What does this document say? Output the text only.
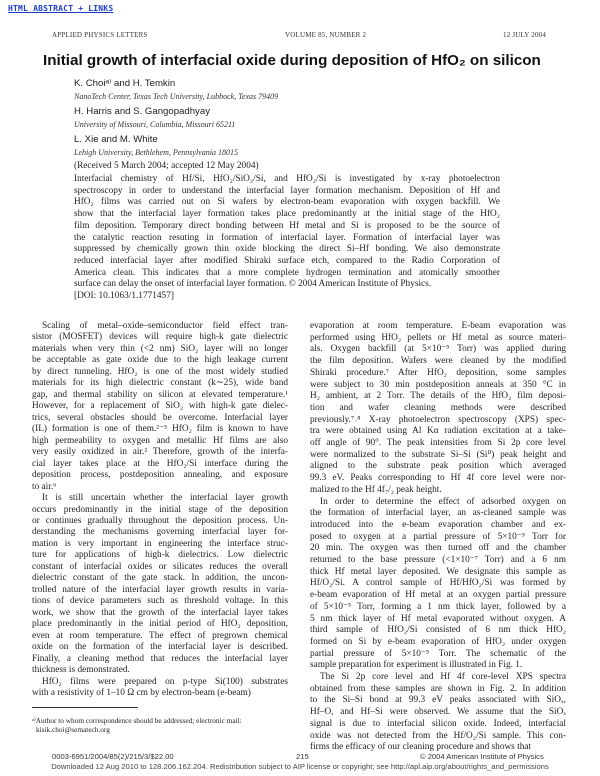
HTML ABSTRACT + LINKS
APPLIED PHYSICS LETTERS	VOLUME 85, NUMBER 2	12 JULY 2004
Initial growth of interfacial oxide during deposition of HfO₂ on silicon
K. Choiᵃ⁾ and H. Temkin
NanoTech Center, Texas Tech University, Lubbock, Texas 79409
H. Harris and S. Gangopadhyay
University of Missouri, Columbia, Missouri 65211
L. Xie and M. White
Lehigh University, Bethlehem, Pennsylvania 18015
(Received 5 March 2004; accepted 12 May 2004)
Interfacial chemistry of Hf/Si, HfO₂/SiO₂/Si, and HfO₂/Si is investigated by x-ray photoelectron
spectroscopy in order to understand the interfacial layer formation mechanism. Deposition of Hf and
HfO₂ films was carried out on Si wafers by electron-beam evaporation with oxygen backfill. We
show that the interfacial layer formation takes place predominantly at the initial stage of the HfO₂
film deposition. Temporary direct bonding between Hf metal and Si is proposed to be the source of
the catalytic reaction resuting in formation of interfacial layer. Formation of interfacial layer was
suppressed by chemically grown thin oxide blocking the direct Si–Hf bonding. We also demonstrate
reduced interfacial layer after modified Shiraki surface etch, compared to the Radio Corporation of
America clean. This indicates that a more complete hydrogen termination and atomically smoother
surface can delay the onset of interfacial layer formation. © 2004 American Institute of Physics.
[DOI: 10.1063/1.1771457]
Scaling of metal–oxide–semiconductor field effect tran-
sistor (MOSFET) devices will require high-k gate dielectric
materials when very thin (<2 nm) SiO₂ layer will no longer
be acceptable as gate oxide due to the high leakage current
by direct tunneling. HfO₂ is one of the most widely studied
materials for its high dielectric constant (k∼25), wide band
gap, and thermal stability on silicon at elevated temperature.¹
However, for a replacement of SiO₂ with high-k gate dielec-
trics, several obstacles should be overcome. Interfacial layer
(IL) formation is one of them.²⁻⁵ HfO₂ film is known to have
high permeability to oxygen and metallic Hf films are also
very easily oxidized in air.² Therefore, growth of the interfa-
cial layer takes place at the HfO₂/Si interface during the
deposition process, postdeposition annealing, and exposure
to air.⁶
It is still uncertain whether the interfacial layer growth
occurs predominantly in the initial stage of the deposition
or continues gradually throughout the deposition process. Un-
derstanding the mechanisms governing interfacial layer for-
mation is very important in engineering the interface struc-
ture for applications of high-k dielectrics. Low dielectric
constant of interfacial oxides or silicates reduces the overall
dielectric constant of the gate stack. In addition, the uncon-
trolled nature of the interfacial layer growth results in varia-
tions of device parameters such as threshold voltage. In this
work, we show that the growth of the interfacial layer takes
place predominantly in the initial period of HfO₂ deposition,
even at room temperature. The effect of pregrown chemical
oxide on the formation of the interfacial layer is described.
Finally, a cleaning method that reduces the interfacial layer
thickness is demonstrated.
HfO₂ films were prepared on p-type Si(100) substrates
with a resistivity of 1–10 Ω cm by electron-beam (e-beam)
evaporation at room temperature. E-beam evaporation was
performed using HfO₂ pellets or Hf metal as source materi-
als. Oxygen backfill (at 5×10⁻⁵ Torr) was applied during
the film deposition. Wafers were cleaned by the modified
Shiraki procedure.⁷ After HfO₂ deposition, some samples
were subject to 30 min postdeposition anneals at 350 °C in
H₂ ambient, at 2 Torr. The details of the HfO₂ film deposi-
tion and wafer cleaning methods were described
previously.⁷˒⁸ X-ray photoelectron spectroscopy (XPS) spec-
tra were obtained using Al Kα radiation excitation at a take-
off angle of 90°. The peak intensities from Si 2p core level
were normalized to the substrate Si–Si (Si⁰) peak height and
aligned to the substrate peak position which averaged
99.3 eV. Peaks corresponding to Hf 4f core level were nor-
malized to the Hf 4f₇/₂ peak height.
In order to determine the effect of adsorbed oxygen on
the formation of interfacial layer, an as-cleaned sample was
introduced into the e-beam evaporation chamber and ex-
posed to oxygen at a partial pressure of 5×10⁻⁵ Torr for
20 min. The oxygen was then turned off and the chamber
returned to the base pressure (<1×10⁻⁷ Torr) and a 6 nm
thick Hf metal layer deposited. We designate this sample as
Hf/O₂/Si. A control sample of Hf/HfO₂/Si was formed by
e-beam evaporation of Hf metal at an oxygen partial pressure
of 5×10⁻⁵ Torr, forming a 1 nm thick layer, followed by a
5 nm thick layer of Hf metal evaporated without oxygen. A
third sample of HfO₂/Si consisted of 6 nm thick HfO₂
formed on Si by e-beam evaporation of HfO₂ under oxygen
partial pressure of 5×10⁻⁵ Torr. The schematic of the
sample preparation for experiment is illustrated in Fig. 1.
The Si 2p core level and Hf 4f core-level XPS spectra
obtained from these samples are shown in Fig. 2. In addition
to the Si–Si bond at 99.3 eV peaks associated with SiOₓ,
Hf–O, and Hf–Si were observed. We assume that the SiOₓ
signal is due to interfacial silicon oxide. Indeed, interfacial
oxide was not detected from the Hf/O₂/Si sample. This con-
firms the efficacy of our cleaning procedure and shows that
ᵃ⁾Author to whom correspondence should be addressed; electronic mail:
kisik.choi@sematech.org
0003-6951/2004/85(2)/215/3/$22.00	215	© 2004 American Institute of Physics
Downloaded 12 Aug 2010 to 128.206.162.204. Redistribution subject to AIP license or copyright; see http://apl.aip.org/about/rights_and_permissions
